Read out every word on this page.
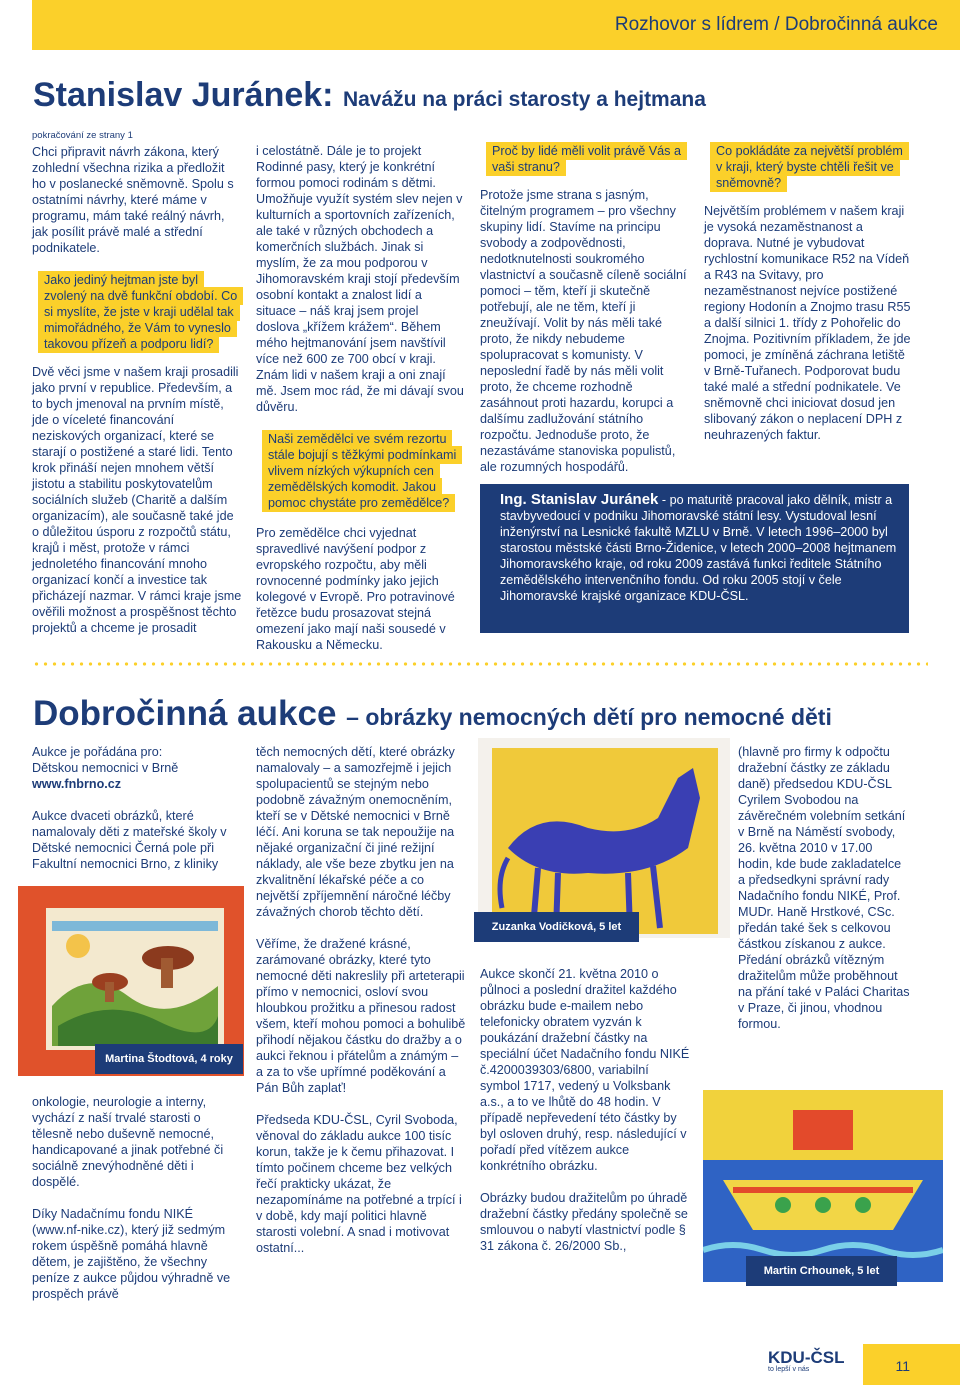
Rozhovor s lídrem / Dobročinná aukce
Stanislav Juránek: Navážu na práci starosty a hejtmana
pokračování ze strany 1

Chci připravit návrh zákona, který zohlední všechna rizika a předložit ho v poslanecké sněmovně. Spolu s ostatními návrhy, které máme v programu, mám také reálný návrh, jak posílit právě malé a střední podnikatele.

Jako jediný hejtman jste byl zvolený na dvě funkční období. Co si myslíte, že jste v kraji udělal tak mimořádného, že Vám to vyneslo takovou přízeň a podporu lidí?

Dvě věci jsme v našem kraji prosadili jako první v republice. Především, a to bych jmenoval na prvním místě, jde o víceleté financování neziskových organizací, které se starají o postižené a staré lidi. Tento krok přináší nejen mnohem větší jistotu a stabilitu poskytovatelům sociálních služeb (Charitě a dalším organizacím), ale současně také jde o důležitou úsporu z rozpočtů státu, krajů i měst, protože v rámci jednoletého financování mnoho organizací končí a investice tak přicházejí nazmar. V rámci kraje jsme ověřili možnost a prospěšnost těchto projektů a chceme je prosadit

i celostátně. Dále je to projekt Rodinné pasy, který je konkrétní formou pomoci rodinám s dětmi. Umožňuje využít systém slev nejen v kulturních a sportovních zařízeních, ale také v různých obchodech a komerčních službách. Jinak si myslím, že za mou podporou v Jihomoravském kraji stojí především osobní kontakt a znalost lidí a situace – náš kraj jsem projel doslova „křížem krážem“. Během mého hejtmanování jsem navštívil více než 600 ze 700 obcí v kraji. Znám lidi v našem kraji a oni znají mě. Jsem moc rád, že mi dávají svou důvěru.

Naši zemědělci ve svém rezortu stále bojují s těžkými podmínkami vlivem nízkých výkupních cen zemědělských komodit. Jakou pomoc chystáte pro zemědělce?

Pro zemědělce chci vyjednat spravedlivé navýšení podpor z evropského rozpočtu, aby měli rovnocenné podmínky jako jejich kolegové v Evropě. Pro potravinové řetězce budu prosazovat stejná omezení jako mají naši sousedé v Rakousku a Německu.

Proč by lidé měli volit právě Vás a vaši stranu?

Protože jsme strana s jasným, čitelným programem – pro všechny skupiny lidí. Stavíme na principu svobody a zodpovědnosti, nedotknutelnosti soukromého vlastnictví a současně cíleně sociální pomoci – těm, kteří ji skutečně potřebují, ale ne těm, kteří ji zneužívají. Volit by nás měli také proto, že nikdy nebudeme spolupracovat s komunisty. V neposlední řadě by nás měli volit proto, že chceme rozhodně zasáhnout proti hazardu, korupci a dalšímu zadlužování státního rozpočtu. Jednoduše proto, že nezastáváme stanoviska populistů, ale rozumných hospodářů.

Co pokládáte za největší problém v kraji, který byste chtěli řešit ve sněmovně?

Největším problémem v našem kraji je vysoká nezaměstnanost a doprava. Nutné je vybudovat rychlostní komunikace R52 na Vídeň a R43 na Svitavy, pro nezaměstnanost nejvíce postižené regiony Hodonín a Znojmo trasu R55 a další silnici 1. třídy z Pohořelic do Znojma. Pozitivním příkladem, že jde pomoci, je zmíněná záchrana letiště v Brně-Tuřanech. Podporovat budu také malé a střední podnikatele. Ve sněmovně chci iniciovat dosud jen slibovaný zákon o neplacení DPH z neuhrazených faktur.

Ing. Stanislav Juránek - po maturitě pracoval jako dělník, mistr a stavbyvedoucí v podniku Jihomoravské státní lesy. Vystudoval lesní inženýrství na Lesnické fakultě MZLU v Brně. V letech 1996–2000 byl starostou městské části Brno-Židenice, v letech 2000–2008 hejtmanem Jihomoravského kraje, od roku 2009 zastává funkci ředitele Státního zemědělského intervenčního fondu. Od roku 2005 stojí v čele Jihomoravské krajské organizace KDU-ČSL.
Dobročinná aukce – obrázky nemocných dětí pro nemocné děti
Aukce je pořádána pro:
Dětskou nemocnici v Brně
www.fnbrno.cz

Aukce dvaceti obrázků, které namalovaly děti z mateřské školy v Dětské nemocnici Černá pole při Fakultní nemocnici Brno, z kliniky

Martina Štodtová, 4 roky

onkologie, neurologie a interny, vychází z naší trvalé starosti o tělesně nebo duševně nemocné, handicapované a jinak potřebné či sociálně znevýhodněné děti i dospělé.

Díky Nadačnímu fondu NIKÉ (www.nf-nike.cz), který již sedmým rokem úspěšně pomáhá hlavně dětem, je zajištěno, že všechny peníze z aukce půjdou výhradně ve prospěch právě

těch nemocných dětí, které obrázky namalovaly – a samozřejmě i jejich spolupacientů se stejným nebo podobně závažným onemocněním, kteří se v Dětské nemocnici v Brně léčí. Ani koruna se tak nepoužije na nějaké organizační či jiné režijní náklady, ale vše beze zbytku jen na zkvalitnění lékařské péče a co největší zpříjemnění náročné léčby závažných chorob těchto dětí.

Věříme, že dražené krásné, zarámované obrázky, které tyto nemocné děti nakreslily při arteterapii přímo v nemocnici, osloví svou hloubkou prožitku a přinesou radost všem, kteří mohou pomoci a bohulibě přihodí nějakou částku do dražby a o aukci řeknou i přátelům a známým – a za to vše upřímné poděkování a Pán Bůh zaplať!

Předseda KDU-ČSL, Cyril Svoboda, věnoval do základu aukce 100 tisíc korun, takže je k čemu přihazovat. I tímto počinem chceme bez velkých řečí prakticky ukázat, že nezapomínáme na potřebné a trpící i v době, kdy mají politici hlavně starosti volební. A snad i motivovat ostatní...

Zuzanka Vodičková, 5 let

Aukce skončí 21. května 2010 o půlnoci a poslední dražitel každého obrázku bude e-mailem nebo telefonicky obratem vyzván k poukázání dražební částky na speciální účet Nadačního fondu NIKÉ č.4200039303/6800, variabilní symbol 1717, vedený u Volksbank a.s., a to ve lhůtě do 48 hodin. V případě nepřevedení této částky by byl osloven druhý, resp. následující v pořadí před vítězem aukce konkrétního obrázku.

Obrázky budou dražitelům po úhradě dražební částky předány společně se smlouvou o nabytí vlastnictví podle § 31 zákona č. 26/2000 Sb.,

(hlavně pro firmy k odpočtu dražební částky ze základu daně) předsedou KDU-ČSL Cyrilem Svobodou na závěrečném volebním setkání v Brně na Náměstí svobody, 26. května 2010 v 17.00 hodin, kde bude zakladatelce a předsedkyni správní rady Nadačního fondu NIKÉ, Prof. MUDr. Haně Hrstkové, CSc. předán také šek s celkovou částkou získanou z aukce. Předání obrázků vítězným dražitelům může proběhnout na přání také v Paláci Charitas v Praze, či jinou, vhodnou formou.

Martin Crhounek, 5 let
KDU-ČSL
to lepší v nás	11
